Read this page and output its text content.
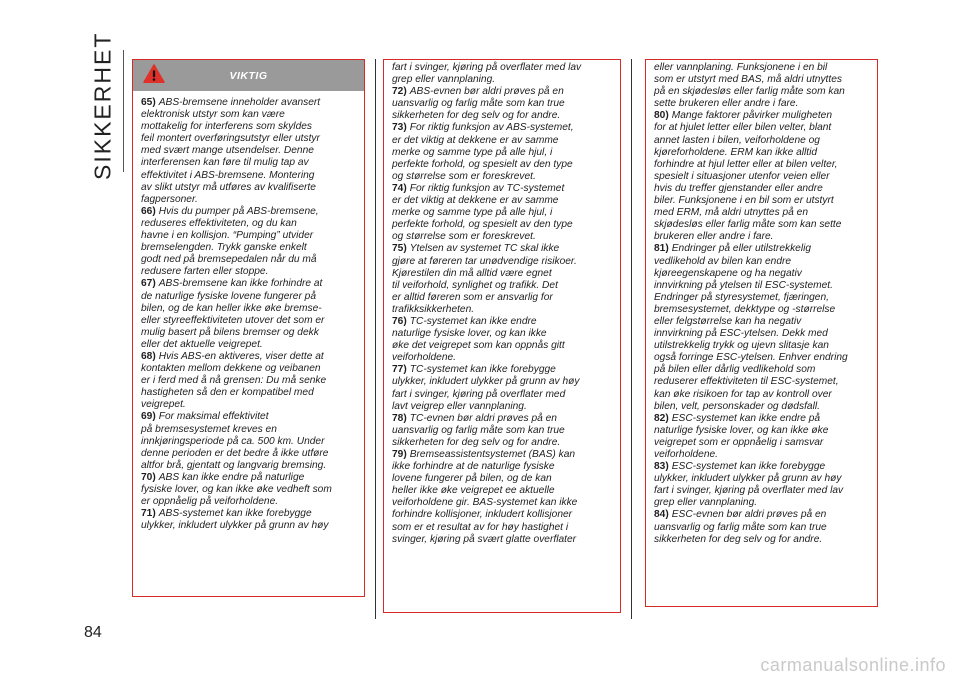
SIKKERHET	VIKTIG
65) ABS-bremsene inneholder avansert
elektronisk utstyr som kan være
mottakelig for interferens som skyldes
feil montert overføringsutstyr eller utstyr
med svært mange utsendelser. Denne
interferensen kan føre til mulig tap av
effektivitet i ABS-bremsene. Montering
av slikt utstyr må utføres av kvalifiserte
fagpersoner.
66) Hvis du pumper på ABS-bremsene,
reduseres effektiviteten, og du kan
havne i en kollisjon. “Pumping” utvider
bremselengden. Trykk ganske enkelt
godt ned på bremsepedalen når du må
redusere farten eller stoppe.
67) ABS-bremsene kan ikke forhindre at
de naturlige fysiske lovene fungerer på
bilen, og de kan heller ikke øke bremse-
eller styreeffektiviteten utover det som er
mulig basert på bilens bremser og dekk
eller det aktuelle veigrepet.
68) Hvis ABS-en aktiveres, viser dette at
kontakten mellom dekkene og veibanen
er i ferd med å nå grensen: Du må senke
hastigheten så den er kompatibel med
veigrepet.
69) For maksimal effektivitet
på bremsesystemet kreves en
innkjøringsperiode på ca. 500 km. Under
denne perioden er det bedre å ikke utføre
altfor brå, gjentatt og langvarig bremsing.
70) ABS kan ikke endre på naturlige
fysiske lover, og kan ikke øke vedheft som
er oppnåelig på veiforholdene.
71) ABS-systemet kan ikke forebygge
ulykker, inkludert ulykker på grunn av høy
fart i svinger, kjøring på overflater med lav
grep eller vannplaning.
72) ABS-evnen bør aldri prøves på en
uansvarlig og farlig måte som kan true
sikkerheten for deg selv og for andre.
73) For riktig funksjon av ABS-systemet,
er det viktig at dekkene er av samme
merke og samme type på alle hjul, i
perfekte forhold, og spesielt av den type
og størrelse som er foreskrevet.
74) For riktig funksjon av TC-systemet
er det viktig at dekkene er av samme
merke og samme type på alle hjul, i
perfekte forhold, og spesielt av den type
og størrelse som er foreskrevet.
75) Ytelsen av systemet TC skal ikke
gjøre at føreren tar unødvendige risikoer.
Kjørestilen din må alltid være egnet
til veiforhold, synlighet og trafikk. Det
er alltid føreren som er ansvarlig for
trafikksikkerheten.
76) TC-systemet kan ikke endre
naturlige fysiske lover, og kan ikke
øke det veigrepet som kan oppnås gitt
veiforholdene.
77) TC-systemet kan ikke forebygge
ulykker, inkludert ulykker på grunn av høy
fart i svinger, kjøring på overflater med
lavt veigrep eller vannplaning.
78) TC-evnen bør aldri prøves på en
uansvarlig og farlig måte som kan true
sikkerheten for deg selv og for andre.
79) Bremseassistentsystemet (BAS) kan
ikke forhindre at de naturlige fysiske
lovene fungerer på bilen, og de kan
heller ikke øke veigrepet ee aktuelle
veiforholdene gir. BAS-systemet kan ikke
forhindre kollisjoner, inkludert kollisjoner
som er et resultat av for høy hastighet i
svinger, kjøring på svært glatte overflater
eller vannplaning. Funksjonene i en bil
som er utstyrt med BAS, må aldri utnyttes
på en skjødesløs eller farlig måte som kan
sette brukeren eller andre i fare.
80) Mange faktorer påvirker muligheten
for at hjulet letter eller bilen velter, blant
annet lasten i bilen, veiforholdene og
kjøreforholdene. ERM kan ikke alltid
forhindre at hjul letter eller at bilen velter,
spesielt i situasjoner utenfor veien eller
hvis du treffer gjenstander eller andre
biler. Funksjonene i en bil som er utstyrt
med ERM, må aldri utnyttes på en
skjødesløs eller farlig måte som kan sette
brukeren eller andre i fare.
81) Endringer på eller utilstrekkelig
vedlikehold av bilen kan endre
kjøreegenskapene og ha negativ
innvirkning på ytelsen til ESC-systemet.
Endringer på styresystemet, fjæringen,
bremsesystemet, dekktype og -størrelse
eller felgstørrelse kan ha negativ
innvirkning på ESC-ytelsen. Dekk med
utilstrekkelig trykk og ujevn slitasje kan
også forringe ESC-ytelsen. Enhver endring
på bilen eller dårlig vedlikehold som
reduserer effektiviteten til ESC-systemet,
kan øke risikoen for tap av kontroll over
bilen, velt, personskader og dødsfall.
82) ESC-systemet kan ikke endre på
naturlige fysiske lover, og kan ikke øke
veigrepet som er oppnåelig i samsvar
veiforholdene.
83) ESC-systemet kan ikke forebygge
ulykker, inkludert ulykker på grunn av høy
fart i svinger, kjøring på overflater med lav
grep eller vannplaning.
84) ESC-evnen bør aldri prøves på en
uansvarlig og farlig måte som kan true
sikkerheten for deg selv og for andre.
84
carmanualsonline.info
